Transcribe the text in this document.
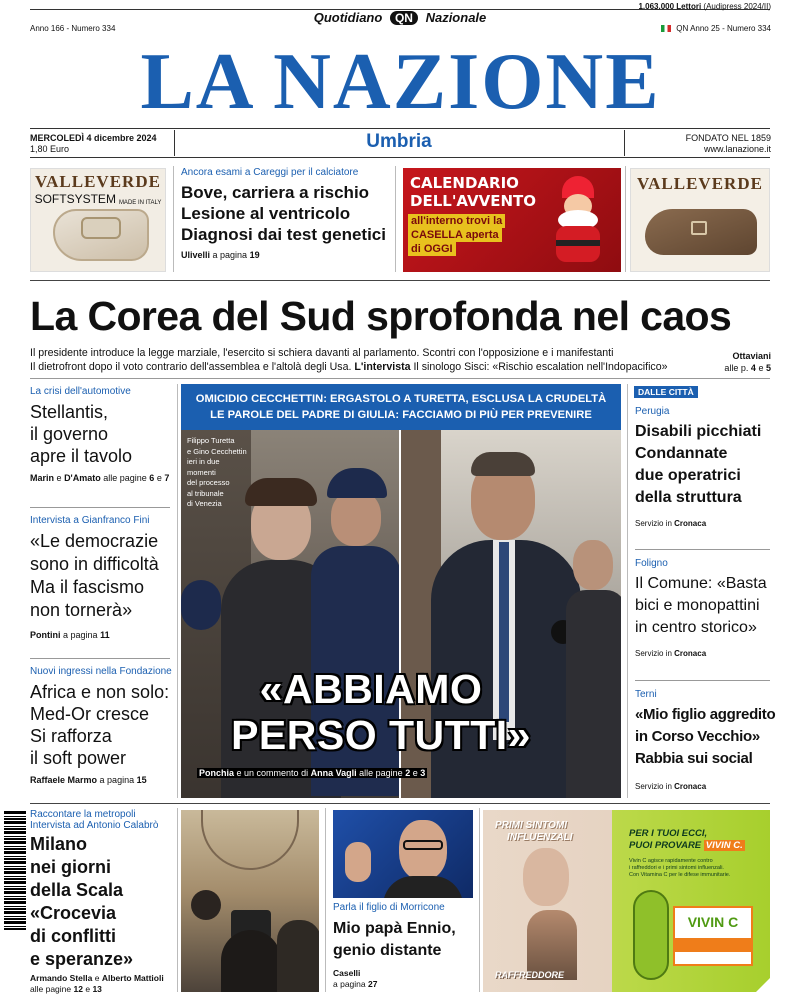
Quotidiano QN Nazionale
1.063.000 Lettori (Audipress 2024/II)
Anno 166 - Numero 334	QN Anno 25 - Numero 334
LA NAZIONE
MERCOLEDÌ 4 dicembre 2024
1,80 Euro	Umbria	FONDATO NEL 1859
www.lanazione.it
VALLEVERDE
SOFTSYSTEM MADE IN ITALY
Ancora esami a Careggi per il calciatore
Bove, carriera a rischio
Lesione al ventricolo
Diagnosi dai test genetici
Ulivelli a pagina 19
CALENDARIO
DELL'AVVENTO
all'interno trovi la CASELLA aperta di OGGI
VALLEVERDE
La Corea del Sud sprofonda nel caos
Il presidente introduce la legge marziale, l'esercito si schiera davanti al parlamento. Scontri con l'opposizione e i manifestanti
Il dietrofront dopo il voto contrario dell'assemblea e l'altolà degli Usa. L'intervista Il sinologo Sisci: «Rischio escalation nell'Indopacifico»
Ottaviani
alle p. 4 e 5
La crisi dell'automotive
Stellantis,
il governo
apre il tavolo
Marin e D'Amato alle pagine 6 e 7
Intervista a Gianfranco Fini
«Le democrazie
sono in difficoltà
Ma il fascismo
non tornerà»
Pontini a pagina 11
Nuovi ingressi nella Fondazione
Africa e non solo:
Med-Or cresce
Si rafforza
il soft power
Raffaele Marmo a pagina 15
OMICIDIO CECCHETTIN: ERGASTOLO A TURETTA, ESCLUSA LA CRUDELTÀ
LE PAROLE DEL PADRE DI GIULIA: FACCIAMO DI PIÙ PER PREVENIRE
Filippo Turetta
e Gino Cecchettin
ieri in due
momenti
del processo
al tribunale
di Venezia
«ABBIAMO
PERSO TUTTI»
Ponchia e un commento di Anna Vagli alle pagine 2 e 3
DALLE CITTÀ
Perugia
Disabili picchiati
Condannate
due operatrici
della struttura
Servizio in Cronaca
Foligno
Il Comune: «Basta
bici e monopattini
in centro storico»
Servizio in Cronaca
Terni
«Mio figlio aggredito
in Corso Vecchio»
Rabbia sui social
Servizio in Cronaca
Raccontare la metropoli
Intervista ad Antonio Calabrò
Milano
nei giorni
della Scala
«Crocevia
di conflitti
e speranze»
Armando Stella e Alberto Mattioli
alle pagine 12 e 13
Parla il figlio di Morricone
Mio papà Ennio,
genio distante
Caselli
a pagina 27
PRIMI SINTOMI
INFLUENZALI
RAFFREDDORE
PER I TUOI ECCI,
PUOI PROVARE VIVIN C.
Vivin C agisce rapidamente contro
i raffreddori e i primi sintomi influenzali.
Con Vitamina C per le difese immunitarie.
VIVIN C
